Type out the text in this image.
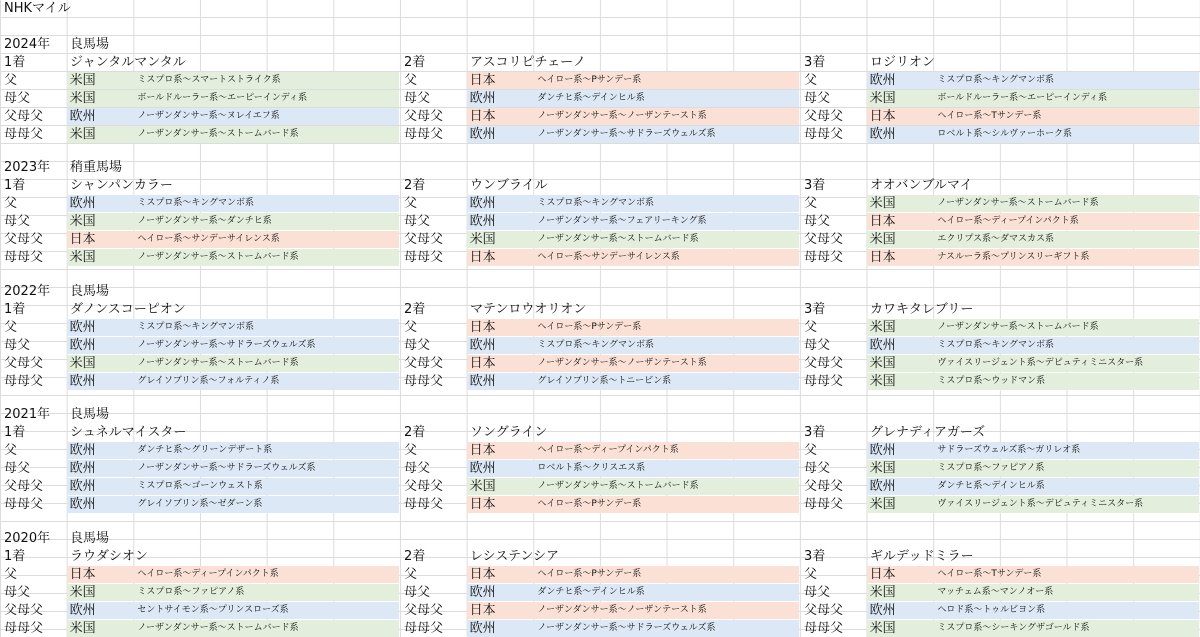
NHKマイル
2024年 良馬場
1着	ジャンタルマンタル
父	米国	ミスプロ系〜スマートストライク系
母父	米国	ボールドルーラー系〜エーピーインディ系
父母父 欧州	ノーザンダンサー系〜ヌレイエフ系
母母父 米国	ノーザンダンサー系〜ストームバード系
2着	アスコリピチェーノ
父	日本	ヘイロー系〜Pサンデー系
母父	欧州	ダンチヒ系〜デインヒル系
父母父 日本	ノーザンダンサー系〜ノーザンテースト系
母母父 欧州	ノーザンダンサー系〜サドラーズウェルズ系
3着	ロジリオン
父	欧州	ミスプロ系〜キングマンボ系
母父	米国	ボールドルーラー系〜エーピーインディ系
父母父 日本	ヘイロー系〜Tサンデー系
母母父 欧州	ロベルト系〜シルヴァーホーク系
2023年 稍重馬場
1着	シャンパンカラー
父	欧州	ミスプロ系〜キングマンボ系
母父	米国	ノーザンダンサー系〜ダンチヒ系
父母父 日本	ヘイロー系〜サンデーサイレンス系
母母父 米国	ノーザンダンサー系〜ストームバード系
2着	ウンブライル
父	欧州	ミスプロ系〜キングマンボ系
母父	欧州	ノーザンダンサー系〜フェアリーキング系
父母父 米国	ノーザンダンサー系〜ストームバード系
母母父 日本	ヘイロー系〜サンデーサイレンス系
3着	オオバンブルマイ
父	米国	ノーザンダンサー系〜ストームバード系
母父	日本	ヘイロー系〜ディープインパクト系
父母父 米国	エクリプス系〜ダマスカス系
母母父 日本	ナスルーラ系〜プリンスリーギフト系
2022年 良馬場
1着	ダノンスコーピオン
父	欧州	ミスプロ系〜キングマンボ系
母父	欧州	ノーザンダンサー系〜サドラーズウェルズ系
父母父 米国	ノーザンダンサー系〜ストームバード系
母母父 欧州	グレイソブリン系〜フォルティノ系
2着	マテンロウオリオン
父	日本	ヘイロー系〜Pサンデー系
母父	欧州	ミスプロ系〜キングマンボ系
父母父 日本	ノーザンダンサー系〜ノーザンテースト系
母母父 欧州	グレイソブリン系〜トニービン系
3着	カワキタレブリー
父	米国	ノーザンダンサー系〜ストームバード系
母父	欧州	ミスプロ系〜キングマンボ系
父母父 米国	ヴァイスリージェント系〜デピュティミニスター系
母母父 米国	ミスプロ系〜ウッドマン系
2021年 良馬場
1着	シュネルマイスター
父	欧州	ダンチヒ系〜グリーンデザート系
母父	欧州	ノーザンダンサー系〜サドラーズウェルズ系
父母父 欧州	ミスプロ系〜ゴーンウェスト系
母母父 欧州	グレイソブリン系〜ゼダーン系
2着	ソングライン
父	日本	ヘイロー系〜ディープインパクト系
母父	欧州	ロベルト系〜クリスエス系
父母父 米国	ノーザンダンサー系〜ストームバード系
母母父 日本	ヘイロー系〜Pサンデー系
3着	グレナディアガーズ
父	欧州	サドラーズウェルズ系〜ガリレオ系
母父	米国	ミスプロ系〜ファピアノ系
父母父 欧州	ダンチヒ系〜デインヒル系
母母父 米国	ヴァイスリージェント系〜デピュティミニスター系
2020年 良馬場
1着	ラウダシオン
父	日本	ヘイロー系〜ディープインパクト系
母父	米国	ミスプロ系〜ファピアノ系
父母父 欧州	セントサイモン系〜プリンスローズ系
母母父 米国	ノーザンダンサー系〜ストームバード系
2着	レシステンシア
父	日本	ヘイロー系〜Pサンデー系
母父	欧州	ダンチヒ系〜デインヒル系
父母父 日本	ノーザンダンサー系〜ノーザンテースト系
母母父 欧州	ノーザンダンサー系〜サドラーズウェルズ系
3着	ギルデッドミラー
父	日本	ヘイロー系〜Tサンデー系
母父	米国	マッチェム系〜マンノオー系
父母父 欧州	ヘロド系〜トゥルビヨン系
母母父 米国	ミスプロ系〜シーキングザゴールド系
